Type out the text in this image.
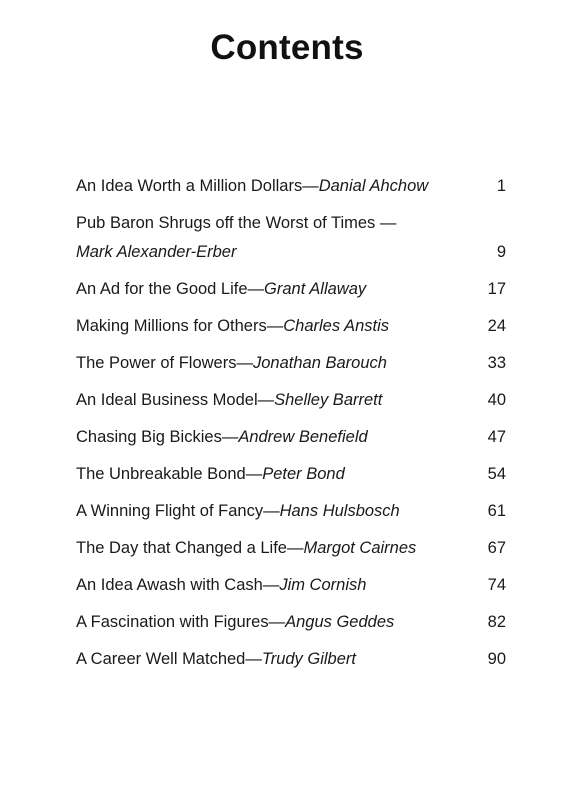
Contents
An Idea Worth a Million Dollars—Danial Ahchow	1
Pub Baron Shrugs off the Worst of Times —Mark Alexander-Erber	9
An Ad for the Good Life—Grant Allaway	17
Making Millions for Others—Charles Anstis	24
The Power of Flowers—Jonathan Barouch	33
An Ideal Business Model—Shelley Barrett	40
Chasing Big Bickies—Andrew Benefield	47
The Unbreakable Bond—Peter Bond	54
A Winning Flight of Fancy—Hans Hulsbosch	61
The Day that Changed a Life—Margot Cairnes	67
An Idea Awash with Cash—Jim Cornish	74
A Fascination with Figures—Angus Geddes	82
A Career Well Matched—Trudy Gilbert	90
